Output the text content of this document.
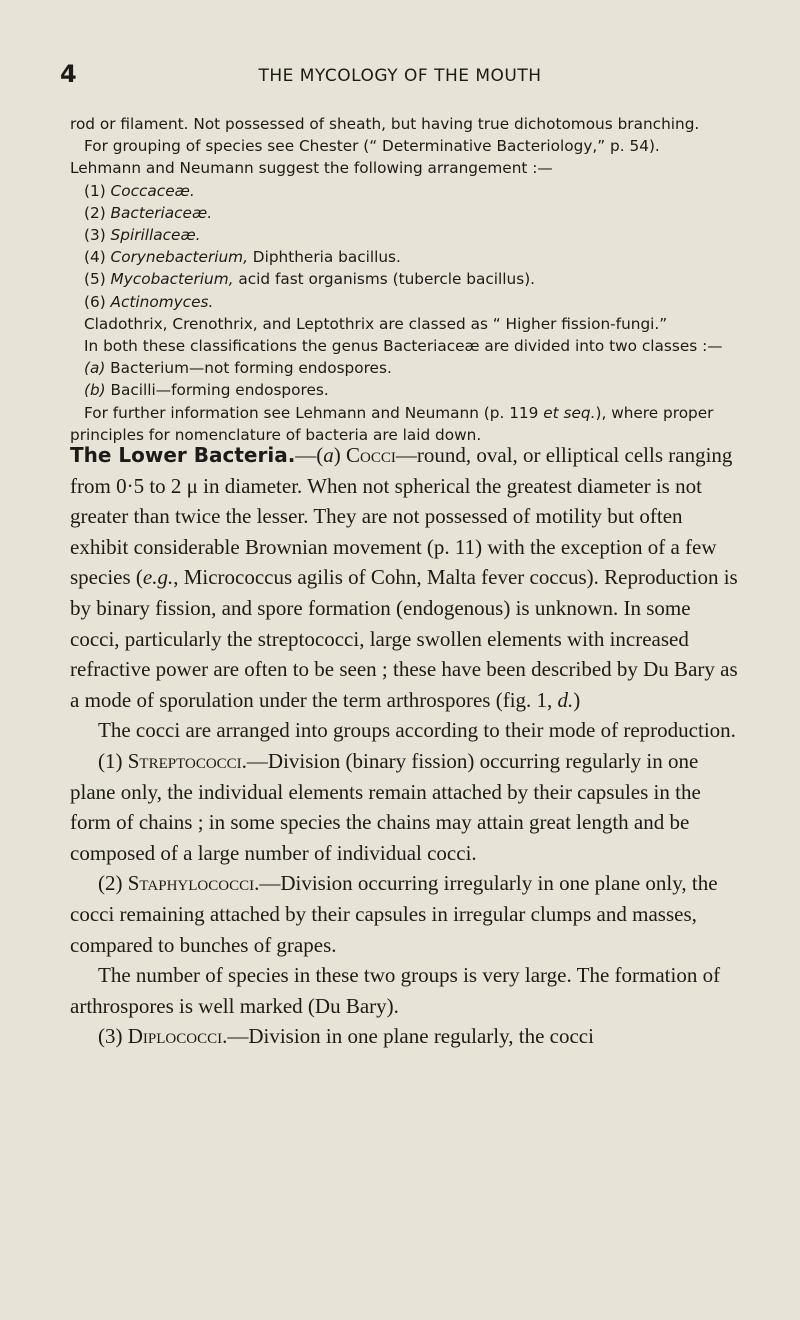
4	THE MYCOLOGY OF THE MOUTH

rod or filament. Not possessed of sheath, but having true dichotomous branching.

For grouping of species see Chester (“ Determinative Bacteriology,” p. 54). Lehmann and Neumann suggest the following arrangement :—

(1) Coccaceæ.

(2) Bacteriaceæ.

(3) Spirillaceæ.

(4) Corynebacterium, Diphtheria bacillus.

(5) Mycobacterium, acid fast organisms (tubercle bacillus).

(6) Actinomyces.

Cladothrix, Crenothrix, and Leptothrix are classed as “ Higher fission-fungi.”

In both these classifications the genus Bacteriaceæ are divided into two classes :—

(a) Bacterium—not forming endospores.

(b) Bacilli—forming endospores.

For further information see Lehmann and Neumann (p. 119 et seq.), where proper principles for nomenclature of bacteria are laid down.

The Lower Bacteria.—(a) Cocci—round, oval, or elliptical cells ranging from 0·5 to 2 μ in diameter. When not spherical the greatest diameter is not greater than twice the lesser. They are not possessed of motility but often exhibit considerable Brownian movement (p. 11) with the exception of a few species (e.g., Micrococcus agilis of Cohn, Malta fever coccus). Reproduction is by binary fission, and spore formation (endogenous) is unknown. In some cocci, particularly the streptococci, large swollen elements with increased refractive power are often to be seen ; these have been described by Du Bary as a mode of sporulation under the term arthrospores (fig. 1, d.)

The cocci are arranged into groups according to their mode of reproduction.

(1) Streptococci.—Division (binary fission) occurring regularly in one plane only, the individual elements remain attached by their capsules in the form of chains ; in some species the chains may attain great length and be composed of a large number of individual cocci.

(2) Staphylococci.—Division occurring irregularly in one plane only, the cocci remaining attached by their capsules in irregular clumps and masses, compared to bunches of grapes.

The number of species in these two groups is very large. The formation of arthrospores is well marked (Du Bary).

(3) Diplococci.—Division in one plane regularly, the cocci
